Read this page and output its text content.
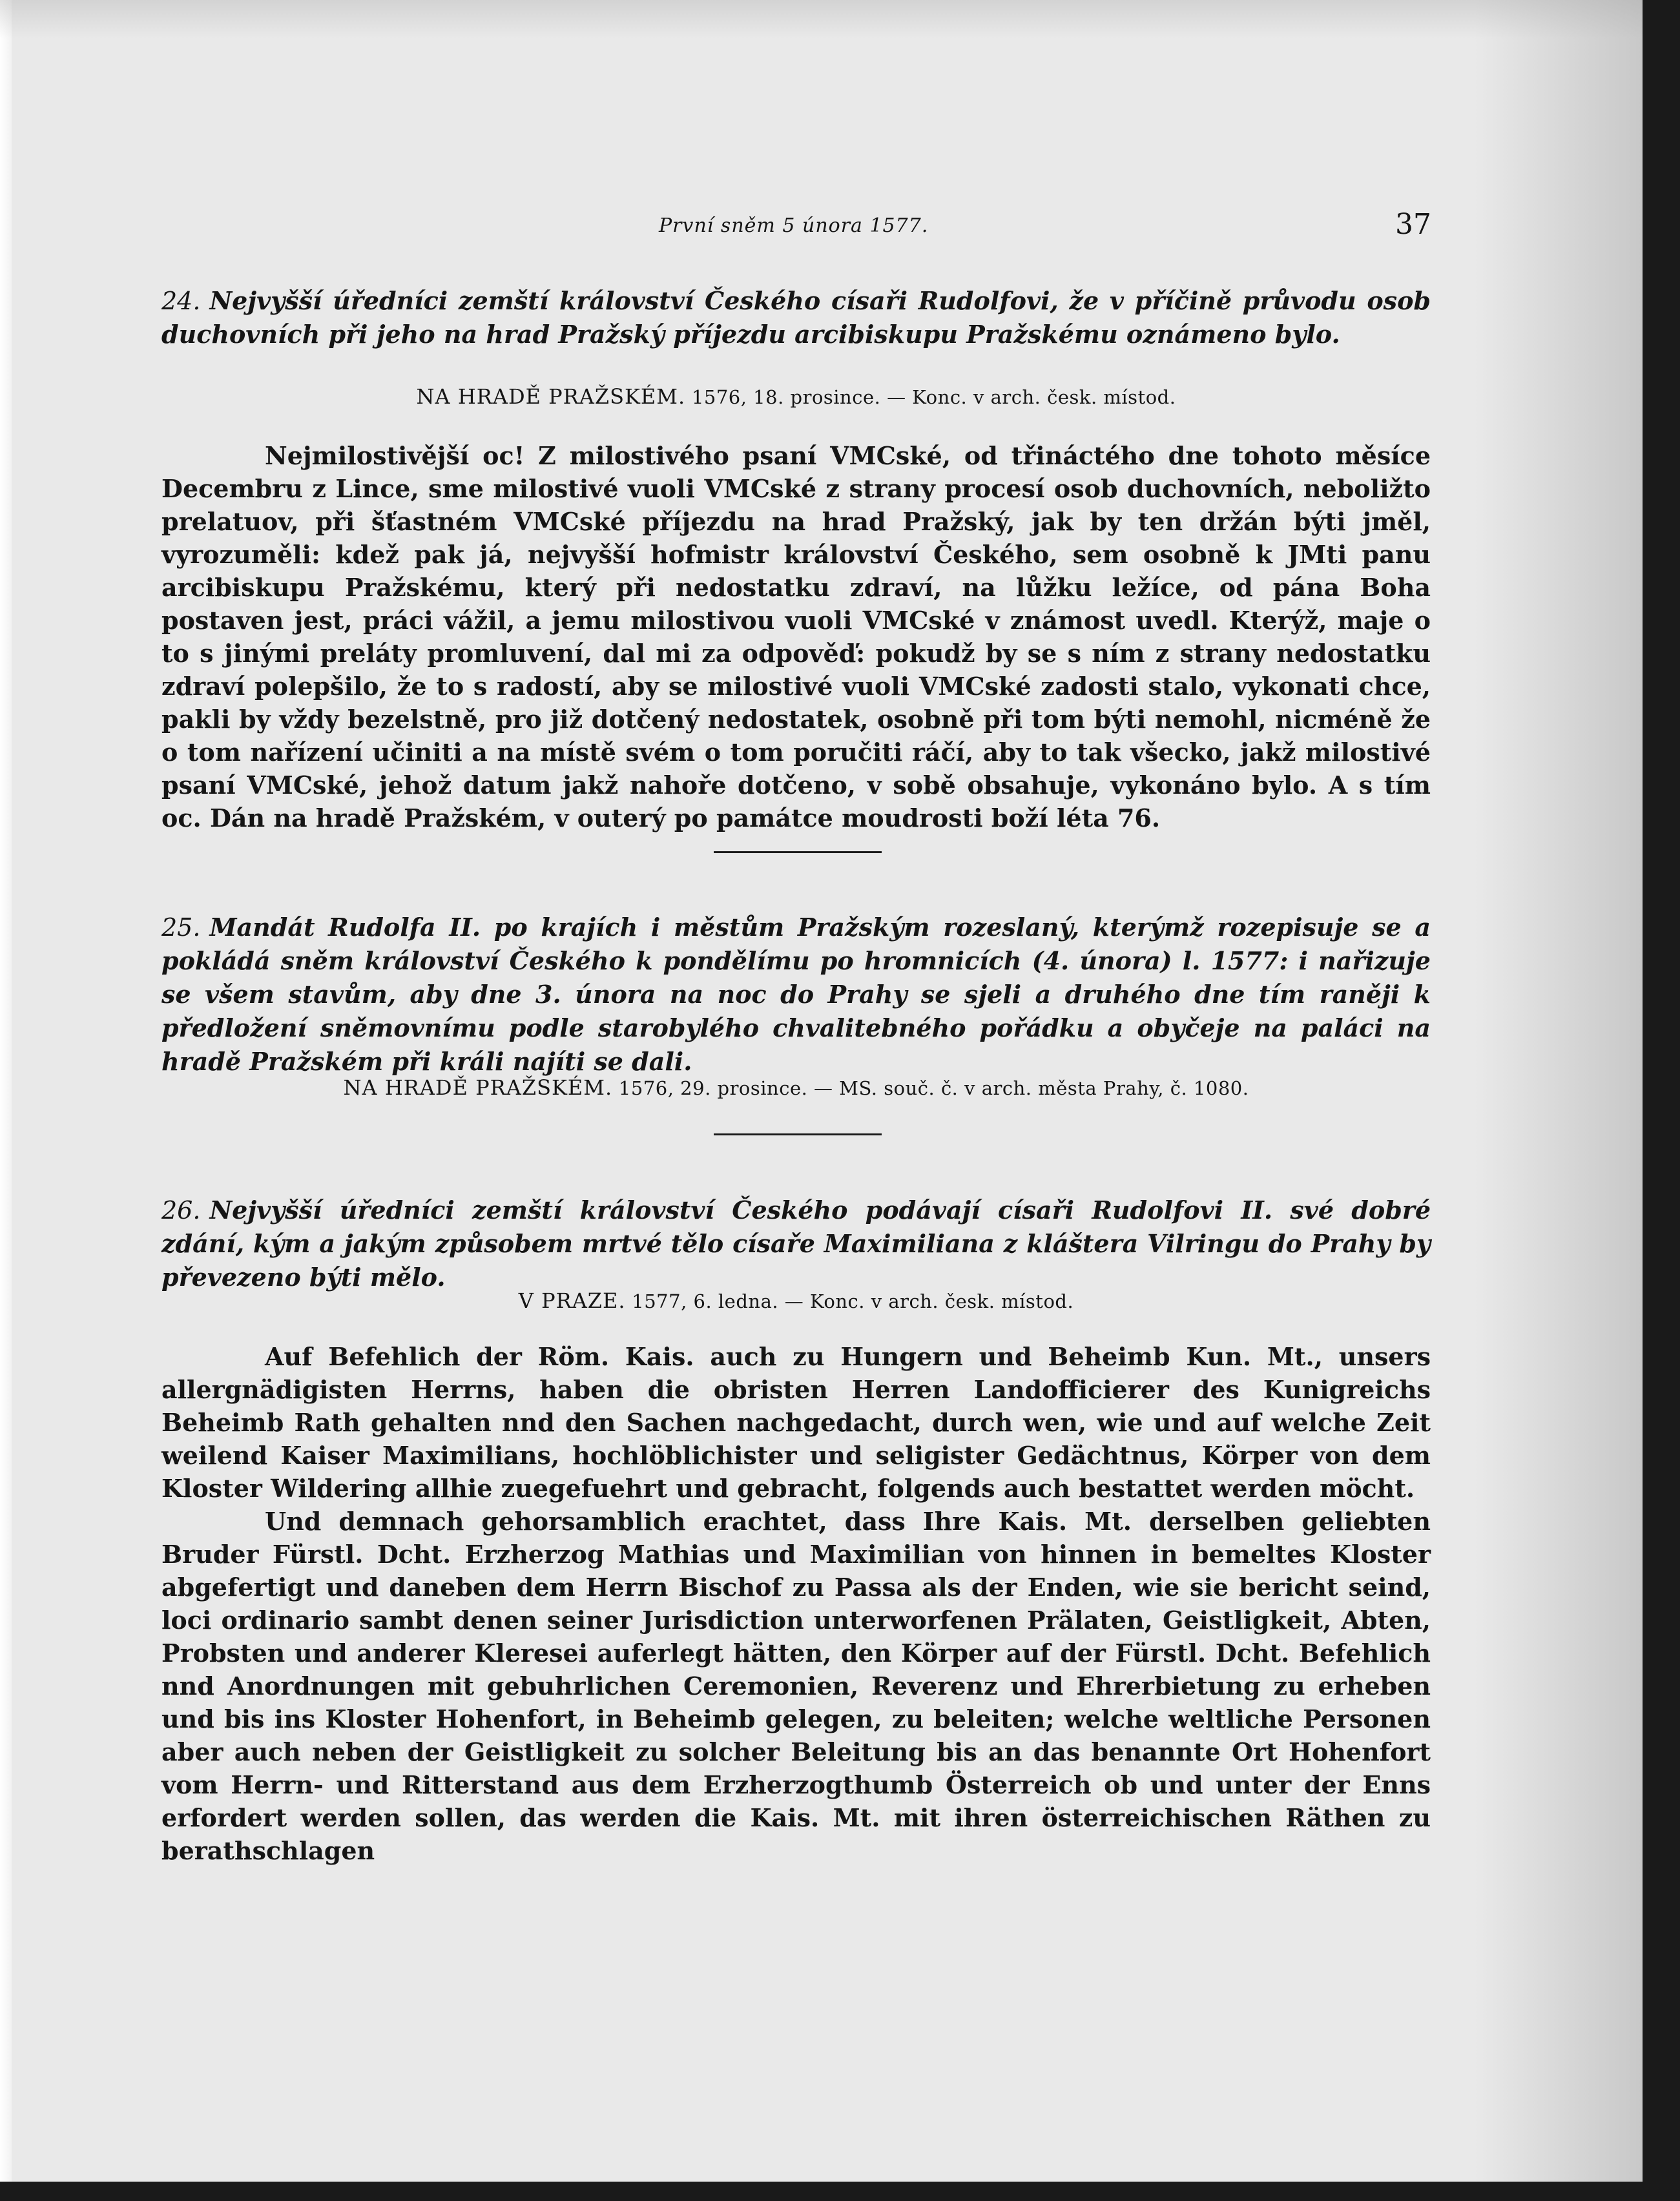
První sněm 5 února 1577.	37
24. Nejvyšší úředníci zemští království Českého císaři Rudolfovi, že v příčině průvodu osob duchovních při jeho na hrad Pražský příjezdu arcibiskupu Pražskému oznámeno bylo.
NA HRADĚ PRAŽSKÉM. 1576, 18. prosince. — Konc. v arch. česk. místod.

Nejmilostivější oc! Z milostivého psaní VMCské, od třináctého dne tohoto měsíce Decembru z Lince, sme milostivé vuoli VMCské z strany procesí osob duchovních, neboližto prelatuov, při šťastném VMCské příjezdu na hrad Pražský, jak by ten držán býti jměl, vyrozuměli: kdež pak já, nejvyšší hofmistr království Českého, sem osobně k JMti panu arcibiskupu Pražskému, který při nedostatku zdraví, na lůžku ležíce, od pána Boha postaven jest, práci vážil, a jemu milostivou vuoli VMCské v známost uvedl. Kterýž, maje o to s jinými preláty promluvení, dal mi za odpověď: pokudž by se s ním z strany nedostatku zdraví polepšilo, že to s radostí, aby se milostivé vuoli VMCské zadosti stalo, vykonati chce, pakli by vždy bezelstně, pro již dotčený nedostatek, osobně při tom býti nemohl, nicméně že o tom nařízení učiniti a na místě svém o tom poručiti ráčí, aby to tak všecko, jakž milostivé psaní VMCské, jehož datum jakž nahoře dotčeno, v sobě obsahuje, vykonáno bylo. A s tím oc. Dán na hradě Pražském, v outerý po památce moudrosti boží léta 76.

25. Mandát Rudolfa II. po krajích i městům Pražským rozeslaný, kterýmž rozepisuje se a pokládá sněm království Českého k pondělímu po hromnicích (4. února) l. 1577: i nařizuje se všem stavům, aby dne 3. února na noc do Prahy se sjeli a druhého dne tím raněji k předložení sněmovnímu podle starobylého chvalitebného pořádku a obyčeje na paláci na hradě Pražském při králi najíti se dali.
NA HRADĚ PRAŽSKÉM. 1576, 29. prosince. — MS. souč. č. v arch. města Prahy, č. 1080.
26. Nejvyšší úředníci zemští království Českého podávají císaři Rudolfovi II. své dobré zdání, kým a jakým způsobem mrtvé tělo císaře Maximiliana z kláštera Vilringu do Prahy by převezeno býti mělo.
V PRAZE. 1577, 6. ledna. — Konc. v arch. česk. místod.

Auf Befehlich der Röm. Kais. auch zu Hungern und Beheimb Kun. Mt., unsers allergnädigisten Herrns, haben die obristen Herren Landofficierer des Kunigreichs Beheimb Rath gehalten nnd den Sachen nachgedacht, durch wen, wie und auf welche Zeit weilend Kaiser Maximilians, hochlöblichister und seligister Gedächtnus, Körper von dem Kloster Wildering allhie zuegefuehrt und gebracht, folgends auch bestattet werden möcht.

Und demnach gehorsamblich erachtet, dass Ihre Kais. Mt. derselben geliebten Bruder Fürstl. Dcht. Erzherzog Mathias und Maximilian von hinnen in bemeltes Kloster abgefertigt und daneben dem Herrn Bischof zu Passa als der Enden, wie sie bericht seind, loci ordinario sambt denen seiner Jurisdiction unterworfenen Prälaten, Geistligkeit, Abten, Probsten und anderer Kleresei auferlegt hätten, den Körper auf der Fürstl. Dcht. Befehlich nnd Anordnungen mit gebuhrlichen Ceremonien, Reverenz und Ehrerbietung zu erheben und bis ins Kloster Hohenfort, in Beheimb gelegen, zu beleiten; welche weltliche Personen aber auch neben der Geistligkeit zu solcher Beleitung bis an das benannte Ort Hohenfort vom Herrn- und Ritterstand aus dem Erzherzogthumb Österreich ob und unter der Enns erfordert werden sollen, das werden die Kais. Mt. mit ihren österreichischen Räthen zu berathschlagen
